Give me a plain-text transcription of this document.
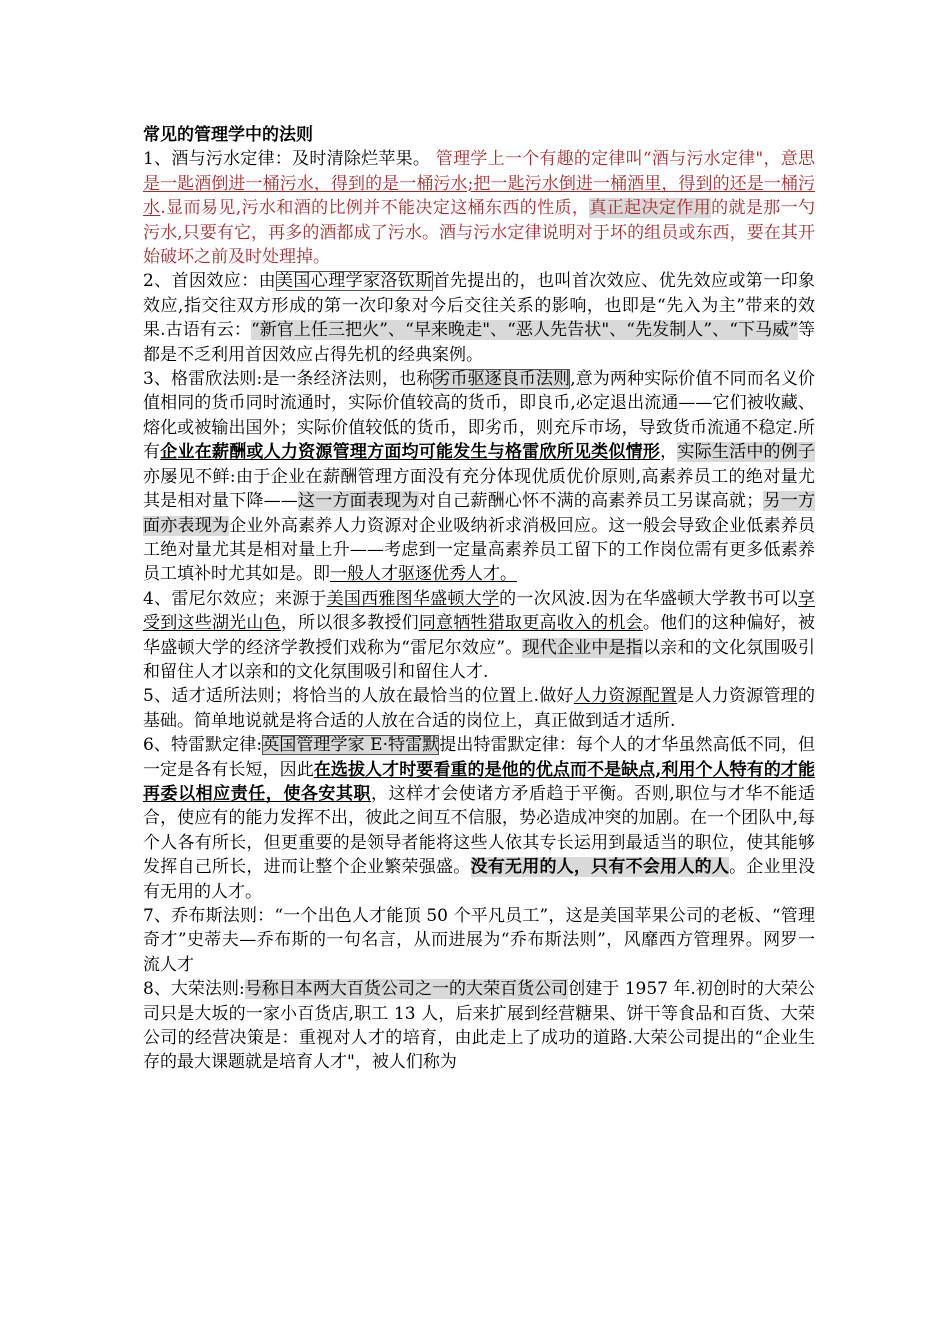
常见的管理学中的法则

1、酒与污水定律：及时清除烂苹果。 管理学上一个有趣的定律叫“酒与污水定律"，意思是一匙酒倒进一桶污水，得到的是一桶污水;把一匙污水倒进一桶酒里，得到的还是一桶污水.显而易见,污水和酒的比例并不能决定这桶东西的性质，真正起决定作用的就是那一勺污水,只要有它，再多的酒都成了污水。酒与污水定律说明对于坏的组员或东西，要在其开始破坏之前及时处理掉。

2、首因效应：由美国心理学家洛钦斯首先提出的，也叫首次效应、优先效应或第一印象效应,指交往双方形成的第一次印象对今后交往关系的影响，也即是“先入为主”带来的效果.古语有云：“新官上任三把火”、“早来晚走"、“恶人先告状"、“先发制人”、“下马威”等都是不乏利用首因效应占得先机的经典案例。

3、格雷欣法则:是一条经济法则，也称劣币驱逐良币法则,意为两种实际价值不同而名义价值相同的货币同时流通时，实际价值较高的货币，即良币,必定退出流通——它们被收藏、熔化或被输出国外；实际价值较低的货币，即劣币，则充斥市场，导致货币流通不稳定.所有企业在薪酬或人力资源管理方面均可能发生与格雷欣所见类似情形，实际生活中的例子亦屡见不鲜:由于企业在薪酬管理方面没有充分体现优质优价原则,高素养员工的绝对量尤其是相对量下降——这一方面表现为对自己薪酬心怀不满的高素养员工另谋高就；另一方面亦表现为企业外高素养人力资源对企业吸纳祈求消极回应。这一般会导致企业低素养员工绝对量尤其是相对量上升——考虑到一定量高素养员工留下的工作岗位需有更多低素养员工填补时尤其如是。即一般人才驱逐优秀人才。

4、雷尼尔效应；来源于美国西雅图华盛顿大学的一次风波.因为在华盛顿大学教书可以享受到这些湖光山色，所以很多教授们同意牺牲猎取更高收入的机会。他们的这种偏好，被华盛顿大学的经济学教授们戏称为“雷尼尔效应”。现代企业中是指以亲和的文化氛围吸引和留住人才以亲和的文化氛围吸引和留住人才.

5、适才适所法则；将恰当的人放在最恰当的位置上.做好人力资源配置是人力资源管理的基础。简单地说就是将合适的人放在合适的岗位上，真正做到适才适所.

6、特雷默定律:英国管理学家 E·特雷默提出特雷默定律：每个人的才华虽然高低不同，但一定是各有长短，因此在选拔人才时要看重的是他的优点而不是缺点,利用个人特有的才能再委以相应责任，使各安其职，这样才会使诸方矛盾趋于平衡。否则,职位与才华不能适合，使应有的能力发挥不出，彼此之间互不信服，势必造成冲突的加剧。在一个团队中,每个人各有所长，但更重要的是领导者能将这些人依其专长运用到最适当的职位，使其能够发挥自己所长，进而让整个企业繁荣强盛。没有无用的人，只有不会用人的人。企业里没有无用的人才。

7、乔布斯法则：“一个出色人才能顶 50 个平凡员工”，这是美国苹果公司的老板、“管理奇才”史蒂夫—乔布斯的一句名言，从而进展为“乔布斯法则”，风靡西方管理界。网罗一流人才

8、大荣法则:号称日本两大百货公司之一的大荣百货公司创建于 1957 年.初创时的大荣公司只是大坂的一家小百货店,职工 13 人，后来扩展到经营糖果、饼干等食品和百货、大荣公司的经营决策是：重视对人才的培育，由此走上了成功的道路.大荣公司提出的“企业生存的最大课题就是培育人才"，被人们称为
